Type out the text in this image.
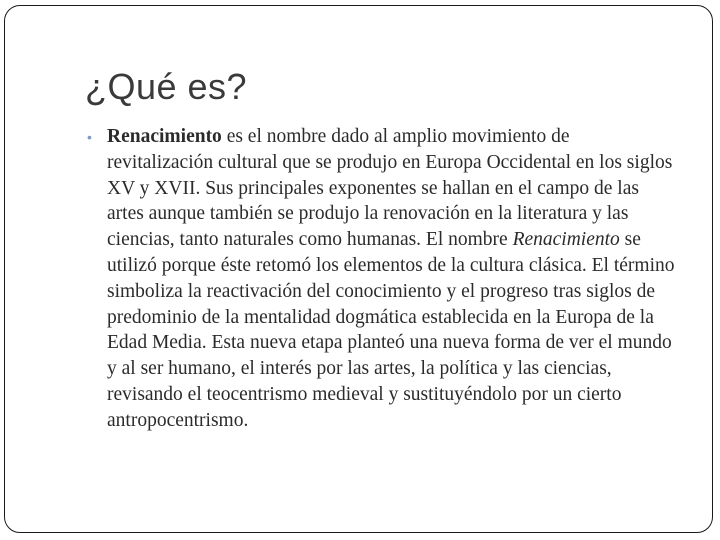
¿Qué es?
• Renacimiento es el nombre dado al amplio movimiento de revitalización cultural que se produjo en Europa Occidental en los siglos XV y XVII. Sus principales exponentes se hallan en el campo de las artes aunque también se produjo la renovación en la literatura y las ciencias, tanto naturales como humanas. El nombre Renacimiento se utilizó porque éste retomó los elementos de la cultura clásica. El término simboliza la reactivación del conocimiento y el progreso tras siglos de predominio de la mentalidad dogmática establecida en la Europa de la Edad Media. Esta nueva etapa planteó una nueva forma de ver el mundo y al ser humano, el interés por las artes, la política y las ciencias, revisando el teocentrismo medieval y sustituyéndolo por un cierto antropocentrismo.
